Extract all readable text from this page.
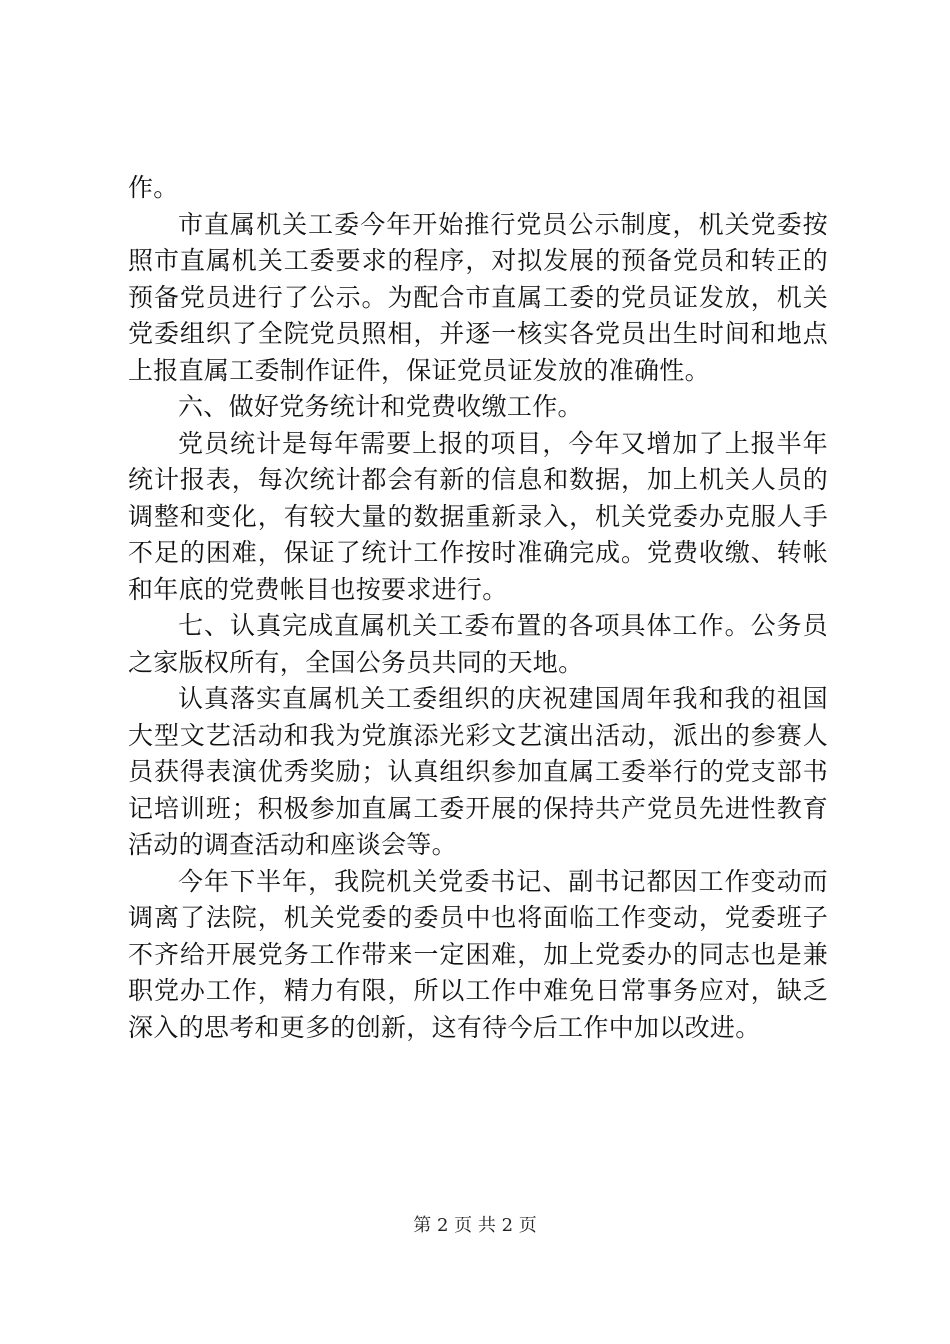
作。

市直属机关工委今年开始推行党员公示制度，机关党委按照市直属机关工委要求的程序，对拟发展的预备党员和转正的预备党员进行了公示。为配合市直属工委的党员证发放，机关党委组织了全院党员照相，并逐一核实各党员出生时间和地点上报直属工委制作证件，保证党员证发放的准确性。

六、做好党务统计和党费收缴工作。

党员统计是每年需要上报的项目，今年又增加了上报半年统计报表，每次统计都会有新的信息和数据，加上机关人员的调整和变化，有较大量的数据重新录入，机关党委办克服人手不足的困难，保证了统计工作按时准确完成。党费收缴、转帐和年底的党费帐目也按要求进行。

七、认真完成直属机关工委布置的各项具体工作。公务员之家版权所有，全国公务员共同的天地。

认真落实直属机关工委组织的庆祝建国周年我和我的祖国大型文艺活动和我为党旗添光彩文艺演出活动，派出的参赛人员获得表演优秀奖励；认真组织参加直属工委举行的党支部书记培训班；积极参加直属工委开展的保持共产党员先进性教育活动的调查活动和座谈会等。

今年下半年，我院机关党委书记、副书记都因工作变动而调离了法院，机关党委的委员中也将面临工作变动，党委班子不齐给开展党务工作带来一定困难，加上党委办的同志也是兼职党办工作，精力有限，所以工作中难免日常事务应对，缺乏深入的思考和更多的创新，这有待今后工作中加以改进。

第 2 页 共 2 页
